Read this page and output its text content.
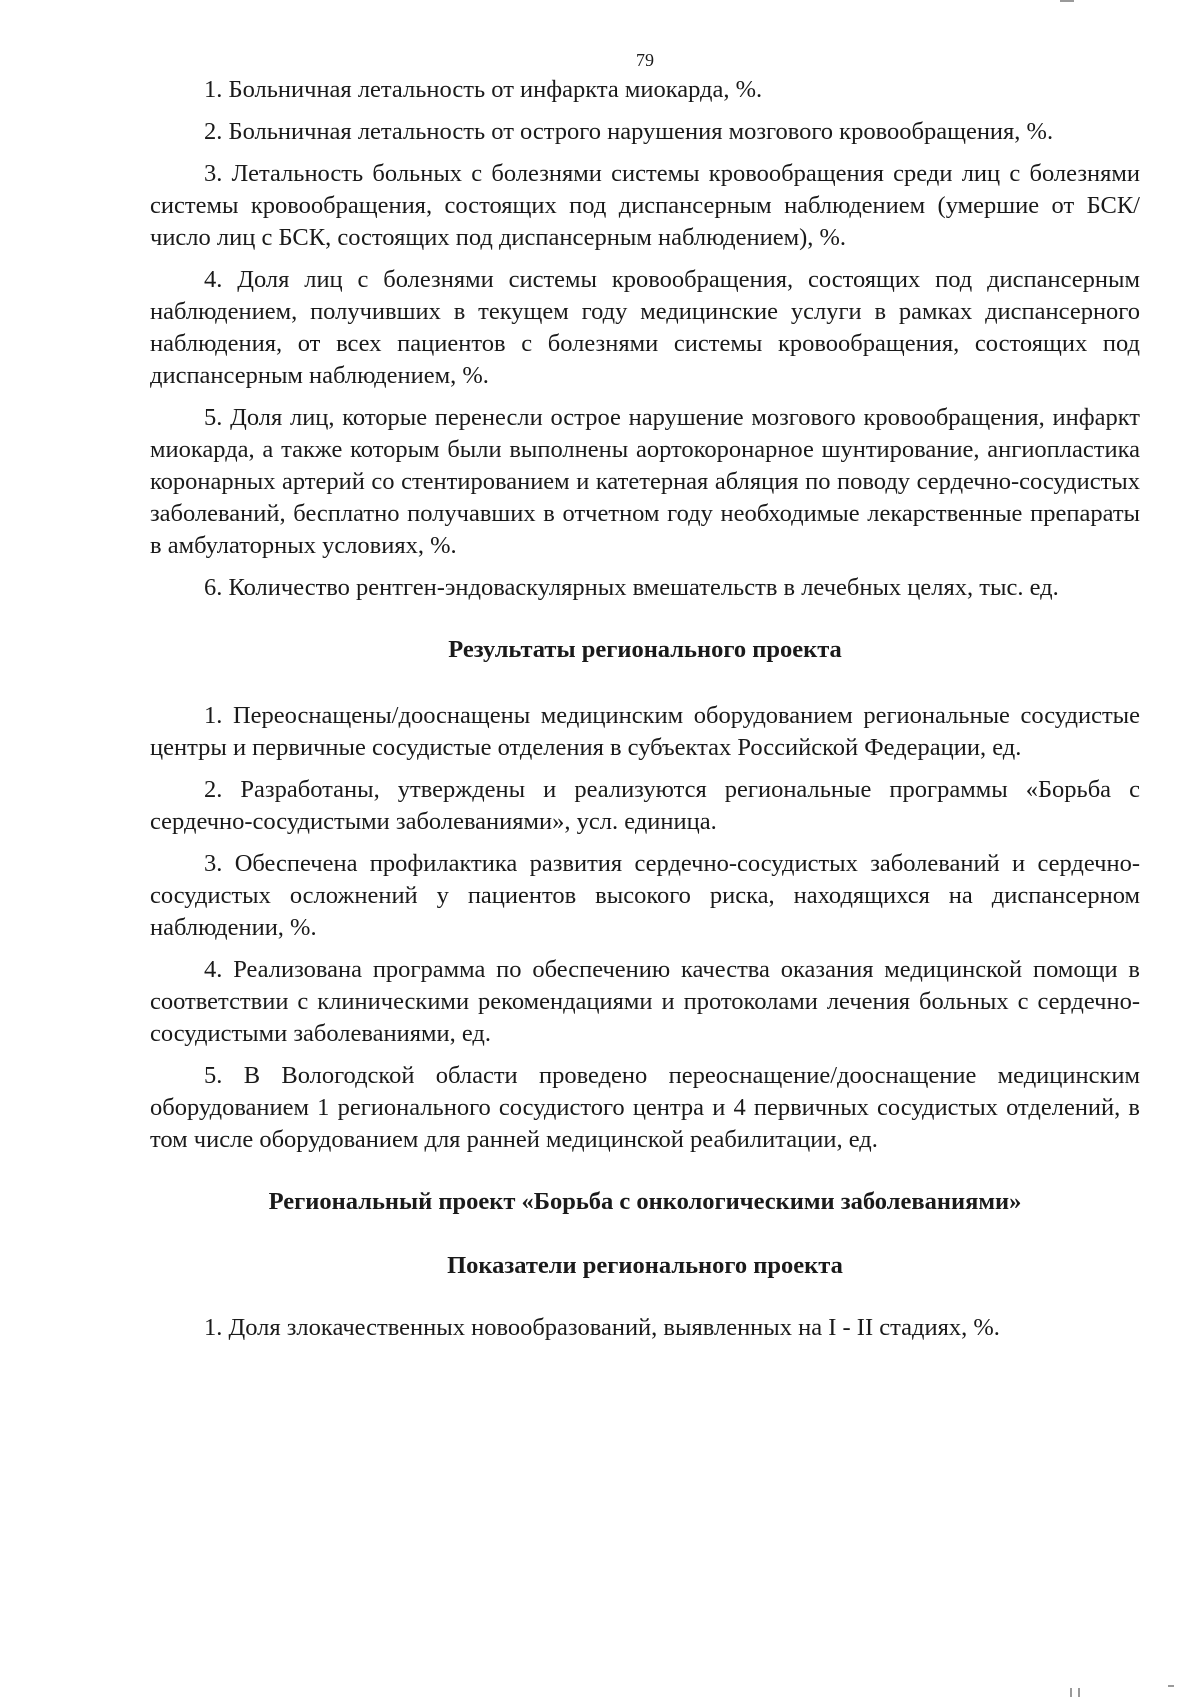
79

1. Больничная летальность от инфаркта миокарда, %.

2. Больничная летальность от острого нарушения мозгового кровообращения, %.

3. Летальность больных с болезнями системы кровообращения среди лиц с болезнями системы кровообращения, состоящих под диспансерным наблюдением (умершие от БСК/число лиц с БСК, состоящих под диспансерным наблюдением), %.

4. Доля лиц с болезнями системы кровообращения, состоящих под диспансерным наблюдением, получивших в текущем году медицинские услуги в рамках диспансерного наблюдения, от всех пациентов с болезнями системы кровообращения, состоящих под диспансерным наблюдением, %.

5. Доля лиц, которые перенесли острое нарушение мозгового кровообращения, инфаркт миокарда, а также которым были выполнены аортокоронарное шунтирование, ангиопластика коронарных артерий со стентированием и катетерная абляция по поводу сердечно-сосудистых заболеваний, бесплатно получавших в отчетном году необходимые лекарственные препараты в амбулаторных условиях, %.

6. Количество рентген-эндоваскулярных вмешательств в лечебных целях, тыс. ед.

Результаты регионального проекта

1. Переоснащены/дооснащены медицинским оборудованием региональные сосудистые центры и первичные сосудистые отделения в субъектах Российской Федерации, ед.

2. Разработаны, утверждены и реализуются региональные программы «Борьба с сердечно-сосудистыми заболеваниями», усл. единица.

3. Обеспечена профилактика развития сердечно-сосудистых заболеваний и сердечно-сосудистых осложнений у пациентов высокого риска, находящихся на диспансерном наблюдении, %.

4. Реализована программа по обеспечению качества оказания медицинской помощи в соответствии с клиническими рекомендациями и протоколами лечения больных с сердечно-сосудистыми заболеваниями, ед.

5. В Вологодской области проведено переоснащение/дооснащение медицинским оборудованием 1 регионального сосудистого центра и 4 первичных сосудистых отделений, в том числе оборудованием для ранней медицинской реабилитации, ед.

Региональный проект «Борьба с онкологическими заболеваниями»
Показатели регионального проекта

1. Доля злокачественных новообразований, выявленных на I - II стадиях, %.
